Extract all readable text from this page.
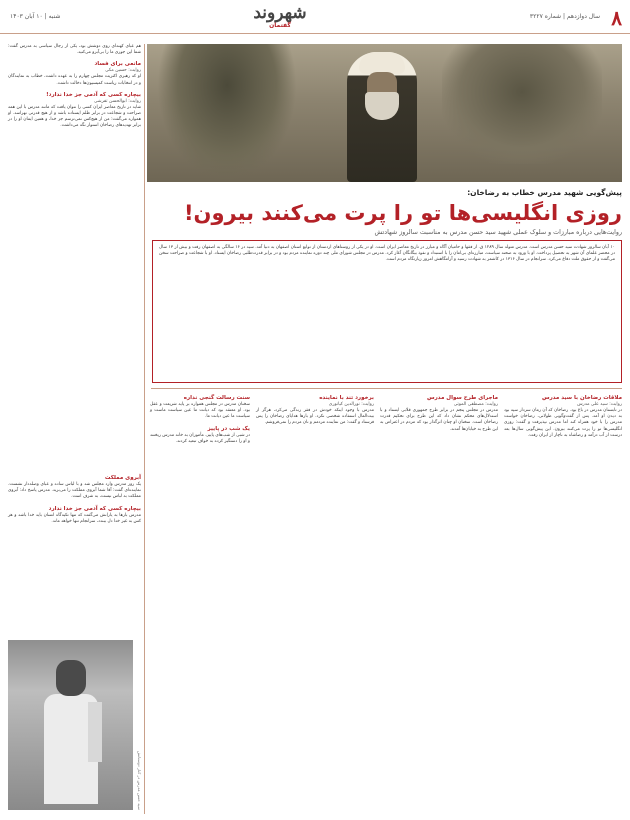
۸
سال دوازدهم | شماره ۳۲۲۷
شهروند
گفتمان
شنبه | ۱۰ آبان ۱۴۰۳
هم عبای کهنه‌ای روی دوشش بود، یکی از رجال سیاسی به مدرس گفت: شما این جوری ما را بی‌آبرو می‌کنید.
مانعی برای فساد
روایت: حسین مکی
او که رهبری اکثریت مجلس چهارم را به عهده داشت، خطاب به نمایندگان و در انتخابات ریاست کمیسیون‌ها دخالت داشت.
بیچاره کسی که آدمی جز خدا ندارد!
روایت: ابوالحسن تفرشی
شاید در تاریخ معاصر ایران کسی را نتوان یافت که مانند مدرس با این همه صراحت و شجاعت در برابر ظلم ایستاده باشد و از هیچ قدرتی نهراسد. او همواره می‌گفت: من از هیچ‌کس نمی‌ترسم جز خدا، و همین ایمان او را در برابر تهدیدهای رضاخان استوار نگه می‌داشت.
پیش‌گویی شهید مدرس خطاب به رضاخان:
روزی انگلیسی‌ها تو را پرت می‌کنند بیرون!
روایت‌هایی درباره مبارزات و سلوک عملی شهید سید حسن مدرس به مناسبت سالروز شهادتش
۱۰ آبان سالروز شهادت سید حسن مدرس است. مدرس متولد سال ۱۲۸۹ ق. از فقها و حامیان آگاه و مبارز در تاریخ معاصر ایران است. او در یکی از روستاهای اردستان از توابع استان اصفهان به دنیا آمد. سید در ۱۶ سالگی به اصفهان رفت و بیش از ۱۳ سال در محضر علمای آن شهر به تحصیل پرداخت. او با ورود به صحنه سیاست، مبارزه‌ای بی‌امان را با استبداد و نفوذ بیگانگان آغاز کرد. مدرس در مجلس شورای ملی چند دوره نماینده مردم بود و در برابر قدرت‌طلبی رضاخان ایستاد. او با شجاعت و صراحت سخن می‌گفت و از حقوق ملت دفاع می‌کرد. سرانجام در سال ۱۳۱۶ در کاشمر به شهادت رسید و آرامگاهش امروز زیارتگاه مردم است.
ملاقات رضاخان با سید مدرس
روایت: سید علی مدرس
در تابستان مدرس در باغ بود. رضاخان که آن زمان سردار سپه بود به دیدن او آمد. پس از گفت‌وگویی طولانی، رضاخان خواست مدرس را با خود همراه کند اما مدرس نپذیرفت و گفت: روزی انگلیسی‌ها تو را پرت می‌کنند بیرون. این پیش‌گویی سال‌ها بعد درست از آب درآمد و رضاشاه به ناچار از ایران رفت.
ماجرای طرح سوال مدرس
روایت: مصطفی الموتی
مدرس در مجلس پنجم در برابر طرح جمهوری قلابی ایستاد و با استدلال‌های محکم نشان داد که این طرح برای تحکیم قدرت رضاخان است. سخنان او چنان اثرگذار بود که مردم در اعتراض به این طرح به خیابان‌ها آمدند.
برخورد تند با نماینده
روایت: نورالدین کیانوری
مدرس با وجود اینکه خودش در فقر زندگی می‌کرد، هرگز از بیت‌المال استفاده شخصی نکرد. او بارها هدایای رضاخان را پس فرستاد و گفت: من نماینده مردمم و نان مردم را نمی‌فروشم.
سنت رسالت گنجی نداره
سخنان مدرس در مجلس همواره بر پایه شریعت و عقل بود. او معتقد بود که دیانت ما عین سیاست ماست و سیاست ما عین دیانت ما.
یک شب در پاییز
در شبی از شب‌های پاییز، مأموران به خانه مدرس ریختند و او را دستگیر کرده به خواف تبعید کردند.
آبروی مملکت
یک روز مدرس وارد مجلس شد و با لباس ساده و عبای وصله‌دار نشست. نماینده‌ای گفت: آقا شما آبروی مملکت را می‌برید. مدرس پاسخ داد: آبروی مملکت به لباس نیست، به شرف است.
بیچاره کسی که آدمی جز خدا ندارد
مدرس بارها به یارانش می‌گفت که تنها تکیه‌گاه انسان باید خدا باشد و هر کس به غیر خدا دل ببندد، سرانجام تنها خواهد ماند.
سید حسن مدرس در کنار دوستانش
